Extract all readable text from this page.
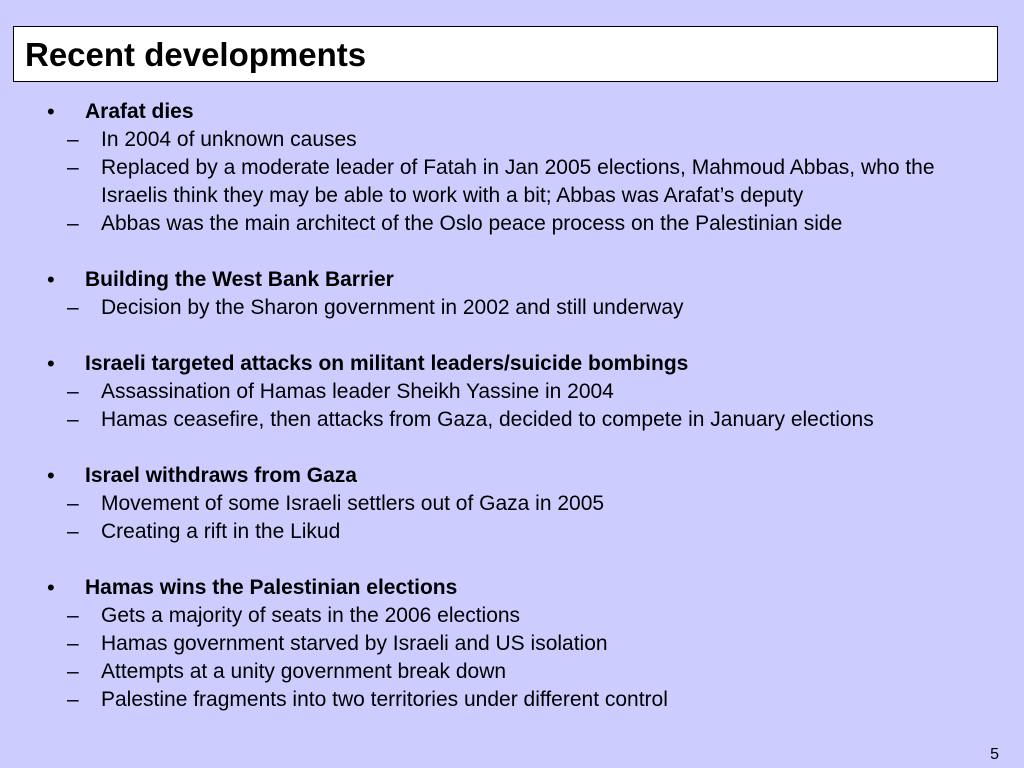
Recent developments
• Arafat dies
– In 2004 of unknown causes
– Replaced by a moderate leader of Fatah in Jan 2005 elections, Mahmoud Abbas, who the Israelis think they may be able to work with a bit; Abbas was Arafat’s deputy
– Abbas was the main architect of the Oslo peace process on the Palestinian side
• Building the West Bank Barrier
– Decision by the Sharon government in 2002 and still underway
• Israeli targeted attacks on militant leaders/suicide bombings
– Assassination of Hamas leader Sheikh Yassine in 2004
– Hamas ceasefire, then attacks from Gaza, decided to compete in January elections
• Israel withdraws from Gaza
– Movement of some Israeli settlers out of Gaza in 2005
– Creating a rift in the Likud
• Hamas wins the Palestinian elections
– Gets a majority of seats in the 2006 elections
– Hamas government starved by Israeli and US isolation
– Attempts at a unity government break down
– Palestine fragments into two territories under different control
5
